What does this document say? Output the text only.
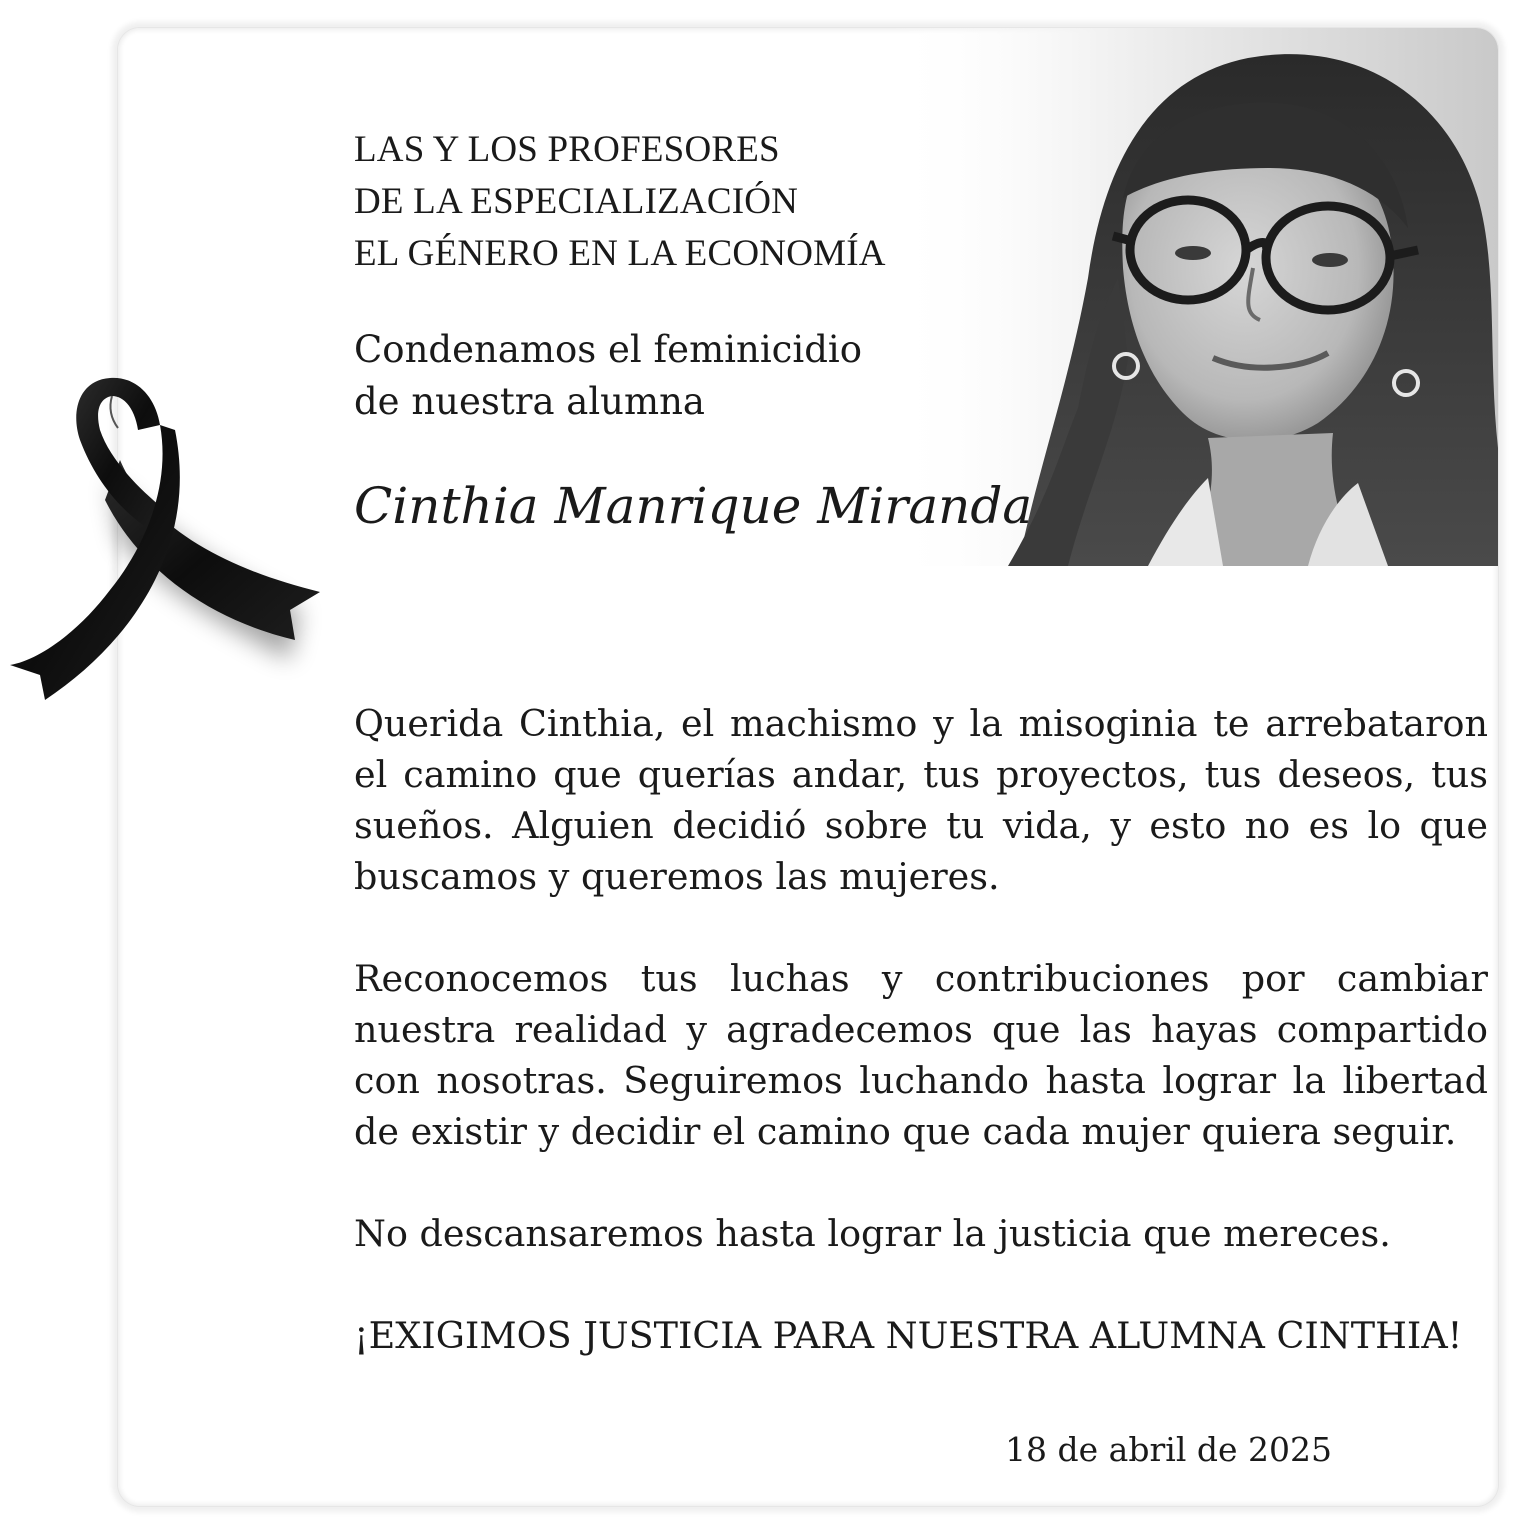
LAS Y LOS PROFESORES
DE LA ESPECIALIZACIÓN
EL GÉNERO EN LA ECONOMÍA
Condenamos el feminicidio
de nuestra alumna
Cinthia Manrique Miranda

Querida Cinthia, el machismo y la misoginia te arrebataron el camino que querías andar, tus proyectos, tus deseos, tus sueños. Alguien decidió sobre tu vida, y esto no es lo que buscamos y queremos las mujeres.

Reconocemos tus luchas y contribuciones por cambiar nuestra realidad y agradecemos que las hayas compartido con nosotras. Seguiremos luchando hasta lograr la libertad de existir y decidir el camino que cada mujer quiera seguir.

No descansaremos hasta lograr la justicia que mereces.

¡EXIGIMOS JUSTICIA PARA NUESTRA ALUMNA CINTHIA!

18 de abril de 2025
